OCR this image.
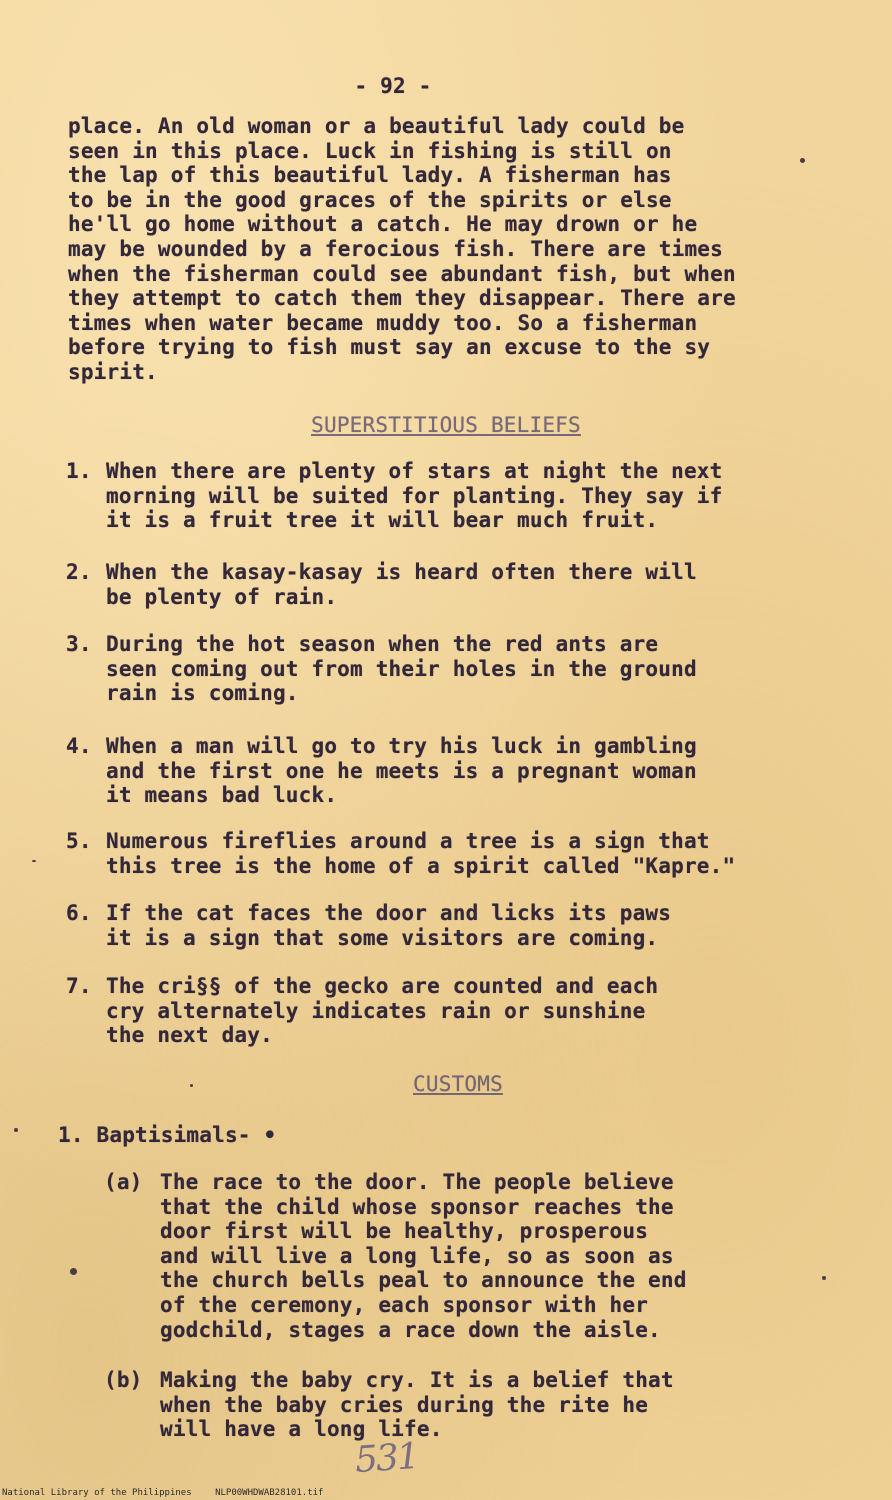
- 92 -

place. An old woman or a beautiful lady could be
seen in this place. Luck in fishing is still on
the lap of this beautiful lady. A fisherman has
to be in the good graces of the spirits or else
he'll go home without a catch. He may drown or he
may be wounded by a ferocious fish. There are times
when the fisherman could see abundant fish, but when
they attempt to catch them they disappear. There are
times when water became muddy too. So a fisherman
before trying to fish must say an excuse to the sy
spirit.

SUPERSTITIOUS BELIEFS

1. When there are plenty of stars at night the next
morning will be suited for planting. They say if
it is a fruit tree it will bear much fruit.

2. When the kasay-kasay is heard often there will
be plenty of rain.

3. During the hot season when the red ants are
seen coming out from their holes in the ground
rain is coming.

4. When a man will go to try his luck in gambling
and the first one he meets is a pregnant woman
it means bad luck.

5. Numerous fireflies around a tree is a sign that
this tree is the home of a spirit called "Kapre."

6. If the cat faces the door and licks its paws
it is a sign that some visitors are coming.

7. The cri§§ of the gecko are counted and each
cry alternately indicates rain or sunshine
the next day.

CUSTOMS

1. Baptisimals- •

(a) The race to the door. The people believe
that the child whose sponsor reaches the
door first will be healthy, prosperous
and will live a long life, so as soon as
the church bells peal to announce the end
of the ceremony, each sponsor with her
godchild, stages a race down the aisle.

(b) Making the baby cry. It is a belief that
when the baby cries during the rite he
will have a long life.

531
National Library of the Philippines	NLP00WHDWAB28101.tif
